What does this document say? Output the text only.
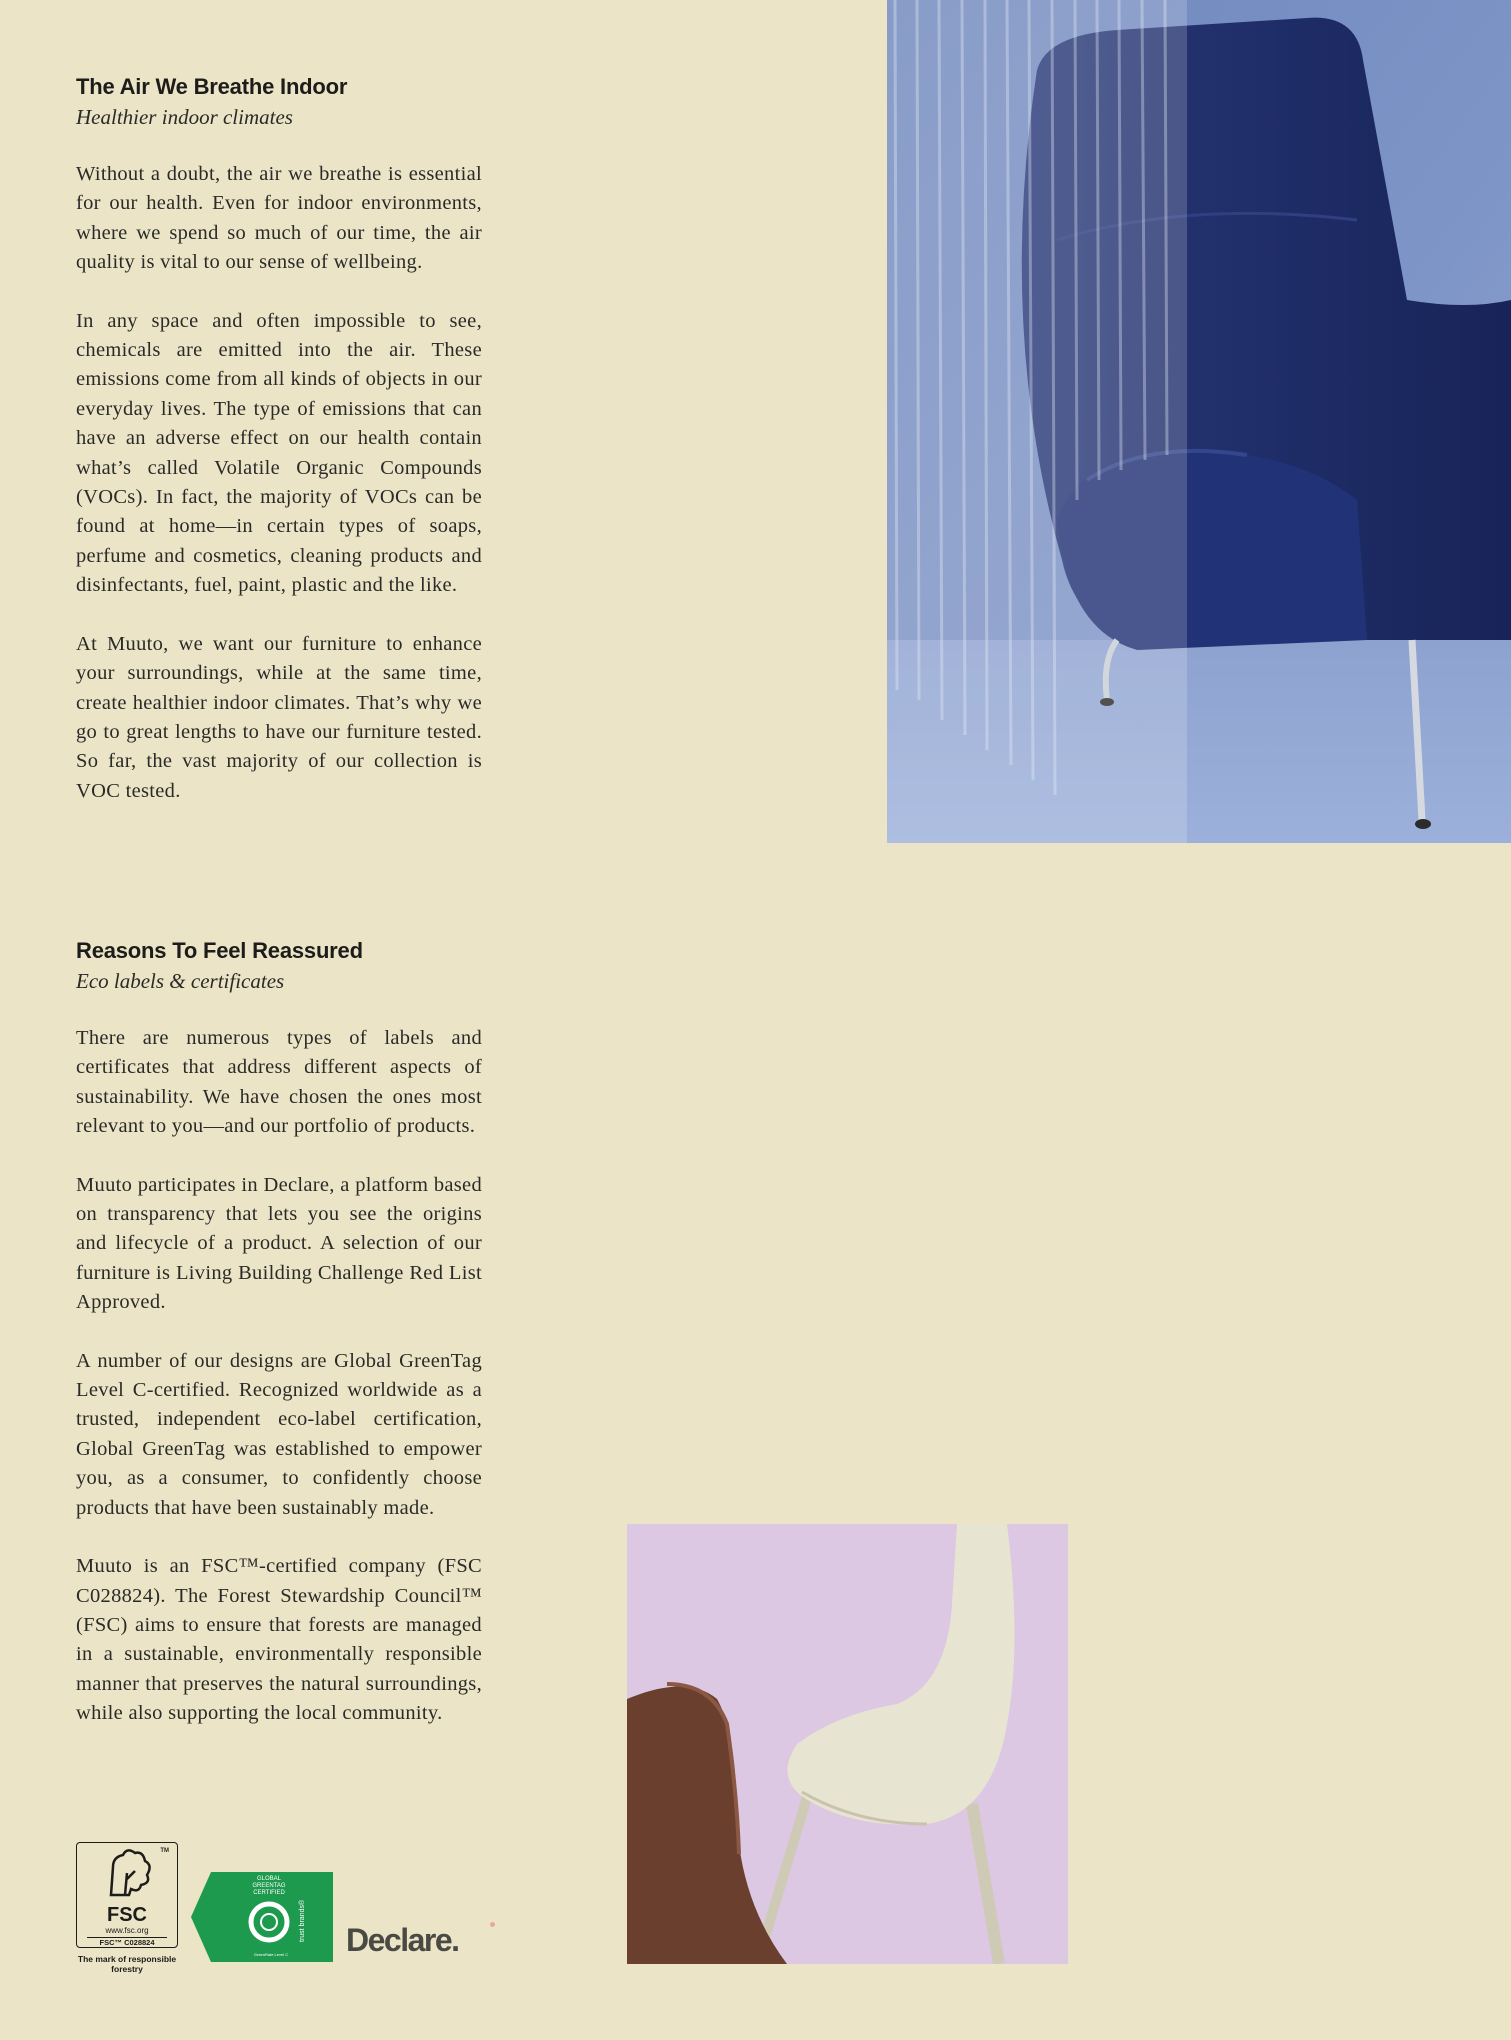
The Air We Breathe Indoor
Healthier indoor climates

Without a doubt, the air we breathe is essential for our health. Even for indoor environments, where we spend so much of our time, the air quality is vital to our sense of wellbeing.

In any space and often impossible to see, chemicals are emitted into the air. These emissions come from all kinds of objects in our everyday lives. The type of emissions that can have an adverse effect on our health contain what’s called Volatile Organic Compounds (VOCs). In fact, the majority of VOCs can be found at home—in certain types of soaps, perfume and cosmetics, cleaning products and disinfectants, fuel, paint, plastic and the like.

At Muuto, we want our furniture to enhance your surroundings, while at the same time, create healthier indoor climates. That’s why we go to great lengths to have our furniture tested. So far, the vast majority of our collection is VOC tested.

Reasons To Feel Reassured
Eco labels & certificates

There are numerous types of labels and certificates that address different aspects of sustainability. We have chosen the ones most relevant to you—and our portfolio of products.

Muuto participates in Declare, a platform based on transparency that lets you see the origins and lifecycle of a product. A selection of our furniture is Living Building Challenge Red List Approved.

A number of our designs are Global GreenTag Level C-certified. Recognized worldwide as a trusted, independent eco-label certification, Global GreenTag was established to empower you, as a consumer, to confidently choose products that have been sustainably made.

Muuto is an FSC™-certified company (FSC C028824). The Forest Stewardship Council™ (FSC) aims to ensure that forests are managed in a sustainable, environmentally responsible manner that preserves the natural surroundings, while also supporting the local community.

TM
FSC
www.fsc.org
FSC™ C028824
The mark of responsible forestry
GLOBAL
GREENTAG
CERTIFIED
GreenRate Level C
trust brands® Declare.
